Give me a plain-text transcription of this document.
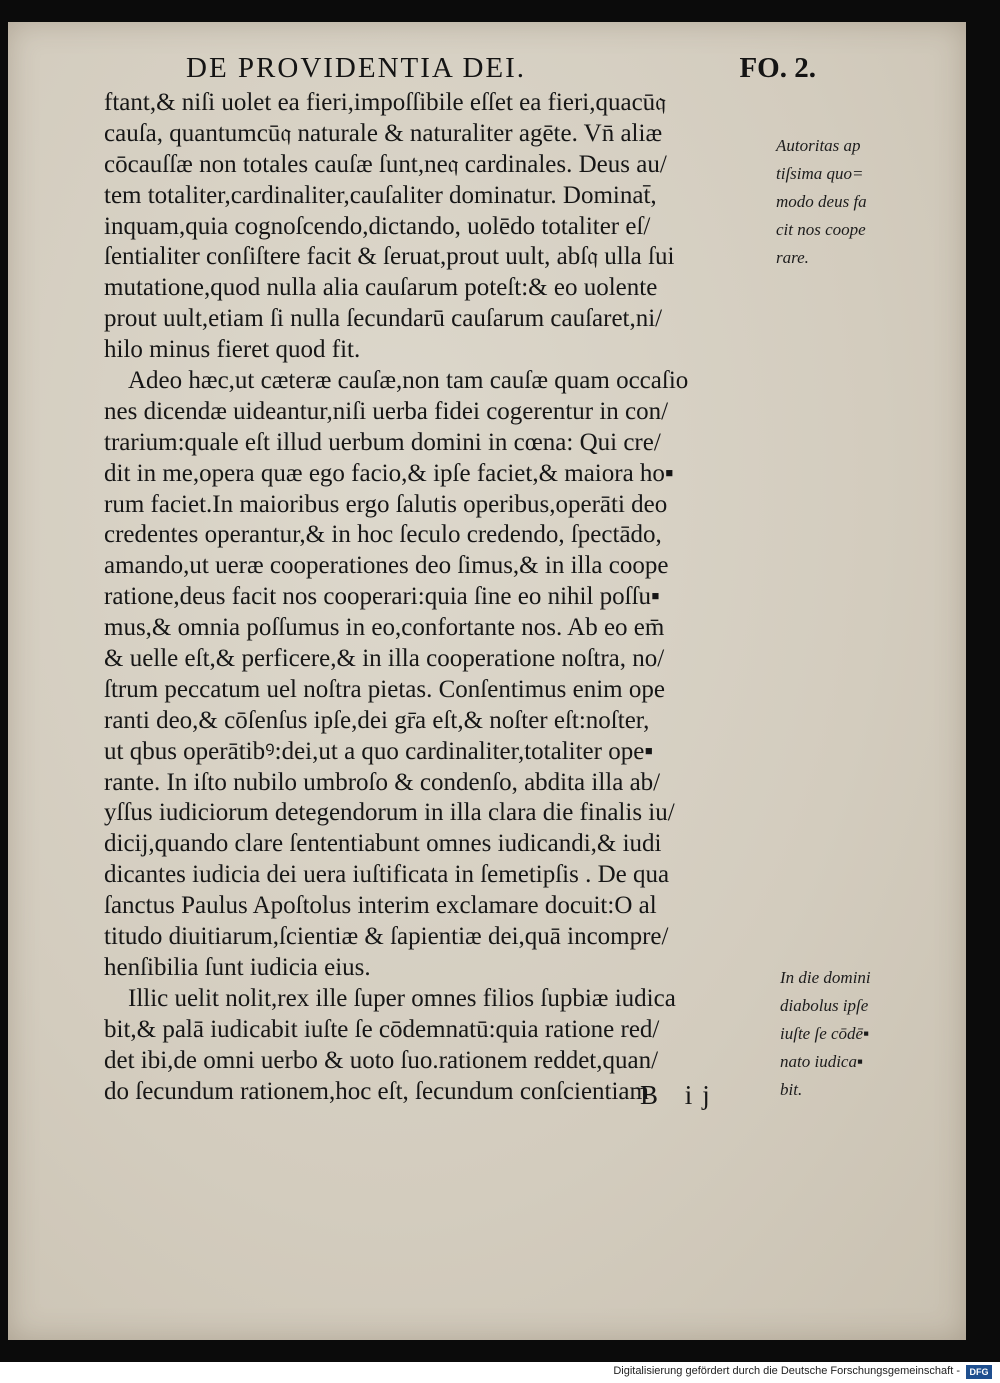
DE PROVIDENTIA DEI.	FO. 2.
ftant,& niſi uolet ea fieri,impoſſibile eſſet ea fieri,quacū𝔮
cauſa, quantumcū𝔮 naturale & naturaliter agēte. Vn̄ aliæ
cōcauſſæ non totales cauſæ ſunt,ne𝔮 cardinales. Deus au/
tem totaliter,cardinaliter,cauſaliter dominatur. Dominat̄,
inquam,quia cognoſcendo,dictando, uolēdo totaliter eſ/
ſentialiter conſiſtere facit & ſeruat,prout uult, abſ𝔮 ulla ſui
mutatione,quod nulla alia cauſarum poteſt:& eo uolente
prout uult,etiam ſi nulla ſecundarū cauſarum cauſaret,ni/
hilo minus fieret quod fit.
Adeo hæc,ut cæteræ cauſæ,non tam cauſæ quam occaſio
nes dicendæ uideantur,niſi uerba fidei cogerentur in con/
trarium:quale eſt illud uerbum domini in cœna: Qui cre/
dit in me,opera quæ ego facio,& ipſe faciet,& maiora ho▪
rum faciet.In maioribus ergo ſalutis operibus,operāti deo
credentes operantur,& in hoc ſeculo credendo, ſpectādo,
amando,ut ueræ cooperationes deo ſimus,& in illa coope
ratione,deus facit nos cooperari:quia ſine eo nihil poſſu▪
mus,& omnia poſſumus in eo,confortante nos. Ab eo em̄
& uelle eſt,& perficere,& in illa cooperatione noſtra, no/
ſtrum peccatum uel noſtra pietas. Conſentimus enim ope
ranti deo,& cōſenſus ipſe,dei gr̄a eſt,& noſter eſt:noſter,
ut qbus operātibꝰ:dei,ut a quo cardinaliter,totaliter ope▪
rante. In iſto nubilo umbroſo & condenſo, abdita illa ab/
yſſus iudiciorum detegendorum in illa clara die finalis iu/
dicij,quando clare ſententiabunt omnes iudicandi,& iudi
dicantes iudicia dei uera iuſtificata in ſemetipſis . De qua
ſanctus Paulus Apoſtolus interim exclamare docuit:O al
titudo diuitiarum,ſcientiæ & ſapientiæ dei,quā incompre/
henſibilia ſunt iudicia eius.
Illic uelit nolit,rex ille ſuper omnes filios ſupbiæ iudica
bit,& palā iudicabit iuſte ſe cōdemnatū:quia ratione red/
det ibi,de omni uerbo & uoto ſuo.rationem reddet,quan/
do ſecundum rationem,hoc eſt, ſecundum conſcientiam
Autoritas ap
tiſsima quo=
modo deus fa
cit nos coope
rare.
In die domini
diabolus ipſe
iuſte ſe cōdē▪
nato iudica▪
bit.
B ij
Digitalisierung gefördert durch die Deutsche Forschungsgemeinschaft -	DFG
